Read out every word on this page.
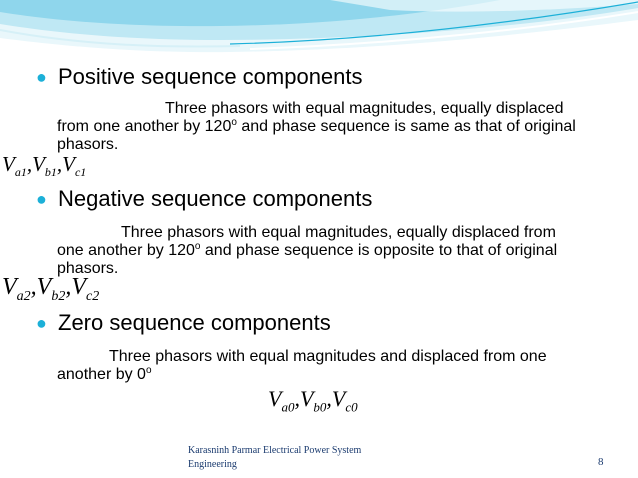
● Positive sequence components
Three phasors with equal magnitudes, equally displaced
from one another by 120$^o$ and phase sequence is same as that of original
phasors.
$V_{a1},V_{b1},V_{c1}$
● Negative sequence components
Three phasors with equal magnitudes, equally displaced from
one another by 120$^o$ and phase sequence is opposite to that of original
phasors.
$V_{a2},V_{b2},V_{c2}$
● Zero sequence components
Three phasors with equal magnitudes and displaced from one
another by 0$^o$
$V_{a0},V_{b0},V_{c0}$
Karasninh Parmar Electrical Power System
Engineering	8
